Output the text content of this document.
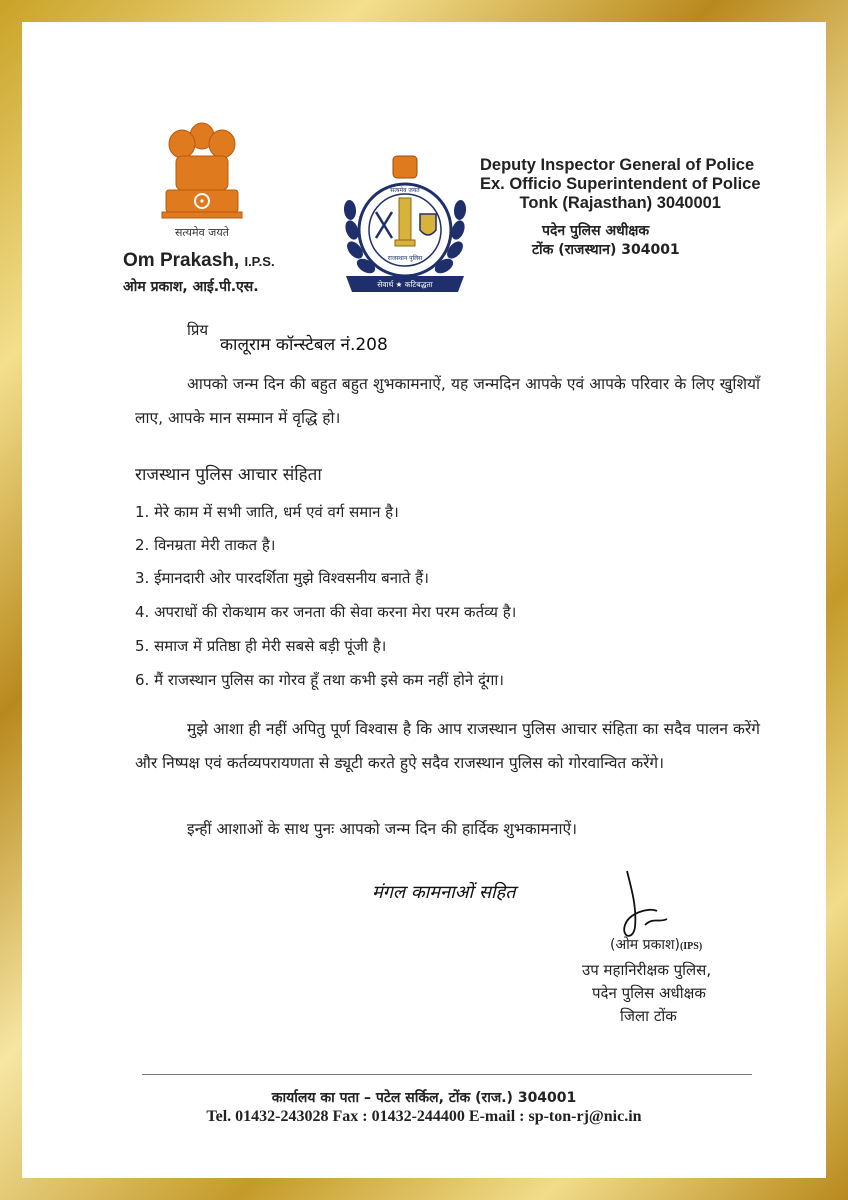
सत्यमेव जयते
Om Prakash, I.P.S.
ओम प्रकाश, आई.पी.एस.
सत्यमेव जयते
राजस्थान पुलिस
सेवार्थ ★ कटिबद्धता
Deputy Inspector General of Police
Ex. Officio Superintendent of Police
Tonk (Rajasthan) 3040001
पदेन पुलिस अधीक्षक
टोंक (राजस्थान) 304001
प्रिय
कालूराम कॉन्स्टेबल नं.208
आपको जन्म दिन की बहुत बहुत शुभकामनाऐं, यह जन्मदिन आपके एवं आपके परिवार के लिए खुशियॉं लाए, आपके मान सम्मान में वृद्धि हो।
राजस्थान पुलिस आचार संहिता
1. मेरे काम में सभी जाति, धर्म एवं वर्ग समान है।
2. विनम्रता मेरी ताकत है।
3. ईमानदारी ओर पारदर्शिता मुझे विश्वसनीय बनाते हैं।
4. अपराधों की रोकथाम कर जनता की सेवा करना मेरा परम कर्तव्य है।
5. समाज में प्रतिष्ठा ही मेरी सबसे बड़ी पूंजी है।
6. मैं राजस्थान पुलिस का गोरव हूँ तथा कभी इसे कम नहीं होने दूंगा।
मुझे आशा ही नहीं अपितु पूर्ण विश्वास है कि आप राजस्थान पुलिस आचार संहिता का सदैव पालन करेंगे और निष्पक्ष एवं कर्तव्यपरायणता से ड्यूटी करते हुऐ सदैव राजस्थान पुलिस को गोरवान्वित करेंगे।
इन्हीं आशाओं के साथ पुनः आपको जन्म दिन की हार्दिक शुभकामनाऐं।
मंगल कामनाओं सहित
(ओम प्रकाश)(IPS)
उप महानिरीक्षक पुलिस,
पदेन पुलिस अधीक्षक
जिला टोंक
कार्यालय का पता – पटेल सर्किल, टोंक (राज.) 304001
Tel. 01432-243028 Fax : 01432-244400 E-mail : sp-ton-rj@nic.in
